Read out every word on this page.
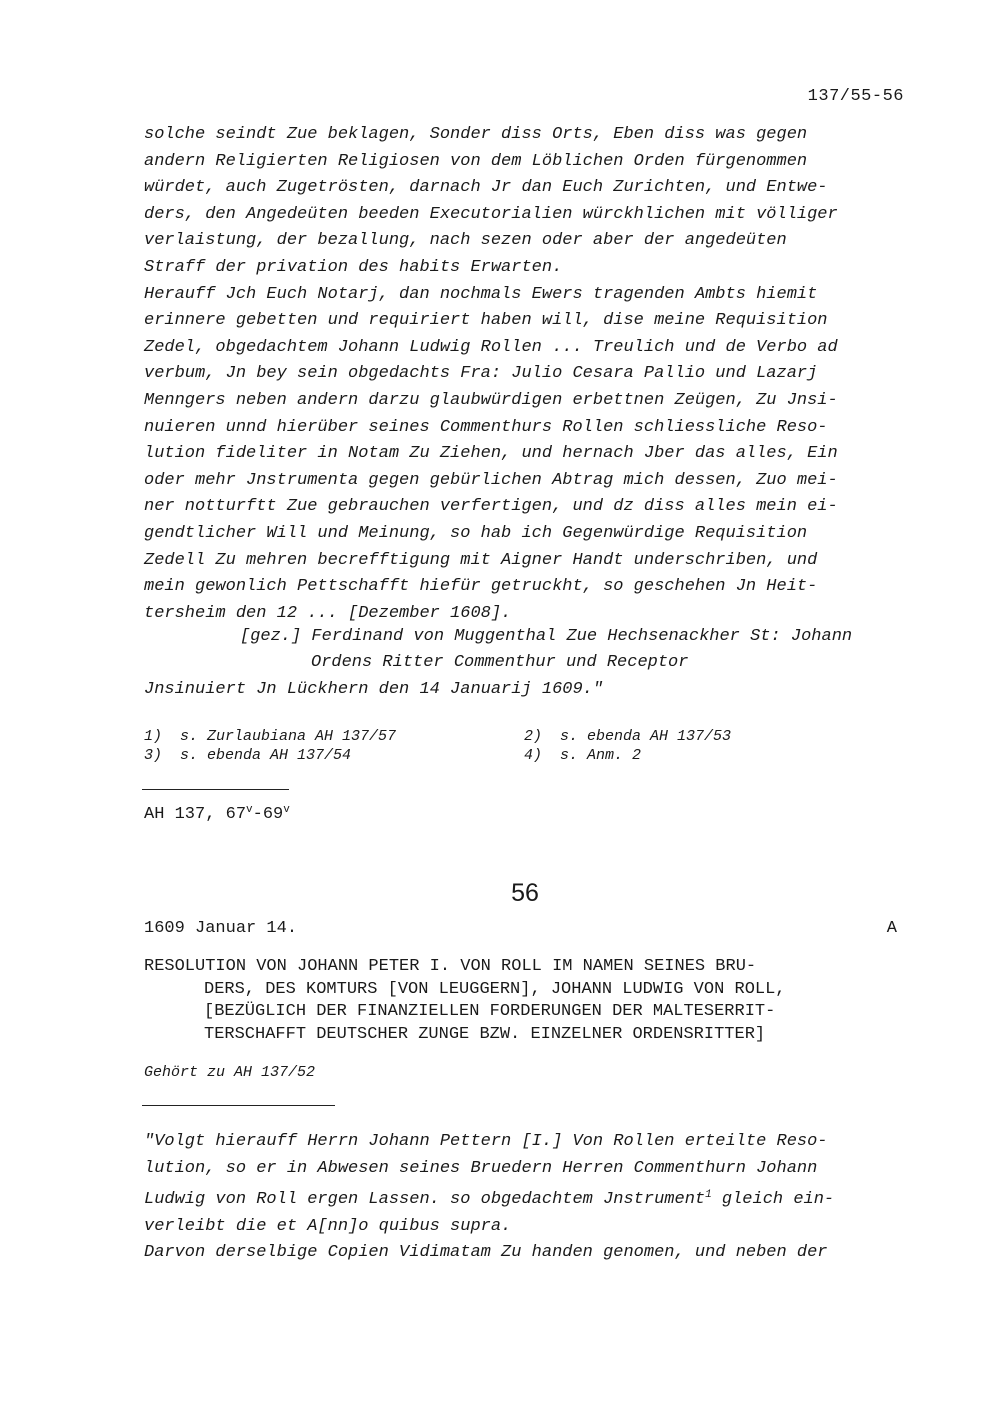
137/55-56
solche seindt Zue beklagen, Sonder diss Orts, Eben diss was gegen
andern Religierten Religiosen von dem Löblichen Orden fürgenommen
würdet, auch Zugetrösten, darnach Jr dan Euch Zurichten, und Entwe-
ders, den Angedeüten beeden Executorialien würckhlichen mit völliger
verlaistung, der bezallung, nach sezen oder aber der angedeüten
Straff der privation des habits Erwarten.
Herauff Jch Euch Notarj, dan nochmals Ewers tragenden Ambts hiemit
erinnere gebetten und requiriert haben will, dise meine Requisition
Zedel, obgedachtem Johann Ludwig Rollen ... Treulich und de Verbo ad
verbum, Jn bey sein obgedachts Fra: Julio Cesara Pallio und Lazarj
Menngers neben andern darzu glaubwürdigen erbettnen Zeügen, Zu Jnsi-
nuieren unnd hierüber seines Commenthurs Rollen schliessliche Reso-
lution fideliter in Notam Zu Ziehen, und hernach Jber das alles, Ein
oder mehr Jnstrumenta gegen gebürlichen Abtrag mich dessen, Zuo mei-
ner notturftt Zue gebrauchen verfertigen, und dz diss alles mein ei-
gendtlicher Will und Meinung, so hab ich Gegenwürdige Requisition
Zedell Zu mehren becrefftigung mit Aigner Handt underschriben, und
mein gewonlich Pettschafft hiefür getruckht, so geschehen Jn Heit-
tersheim den 12 ... [Dezember 1608].
[gez.] Ferdinand von Muggenthal Zue Hechsenackher St: Johann
Ordens Ritter Commenthur und Receptor
Jnsinuiert Jn Lückhern den 14 Januarij 1609."
1)  s. Zurlaubiana AH 137/57	2)  s. ebenda AH 137/53
3)  s. ebenda AH 137/54	4)  s. Anm. 2
AH 137, 67$^v$-69$^v$
56
1609 Januar 14.	A
RESOLUTION VON JOHANN PETER I. VON ROLL IM NAMEN SEINES BRU-
DERS, DES KOMTURS [VON LEUGGERN], JOHANN LUDWIG VON ROLL,
[BEZÜGLICH DER FINANZIELLEN FORDERUNGEN DER MALTESERRIT-
TERSCHAFFT DEUTSCHER ZUNGE BZW. EINZELNER ORDENSRITTER]
Gehört zu AH 137/52
"Volgt hierauff Herrn Johann Pettern [I.] Von Rollen erteilte Reso-
lution, so er in Abwesen seines Bruedern Herren Commenthurn Johann
Ludwig von Roll ergen Lassen. so obgedachtem Jnstrument$^1$ gleich ein-
verleibt die et A[nn]o quibus supra.
Darvon derselbige Copien Vidimatam Zu handen genomen, und neben der
